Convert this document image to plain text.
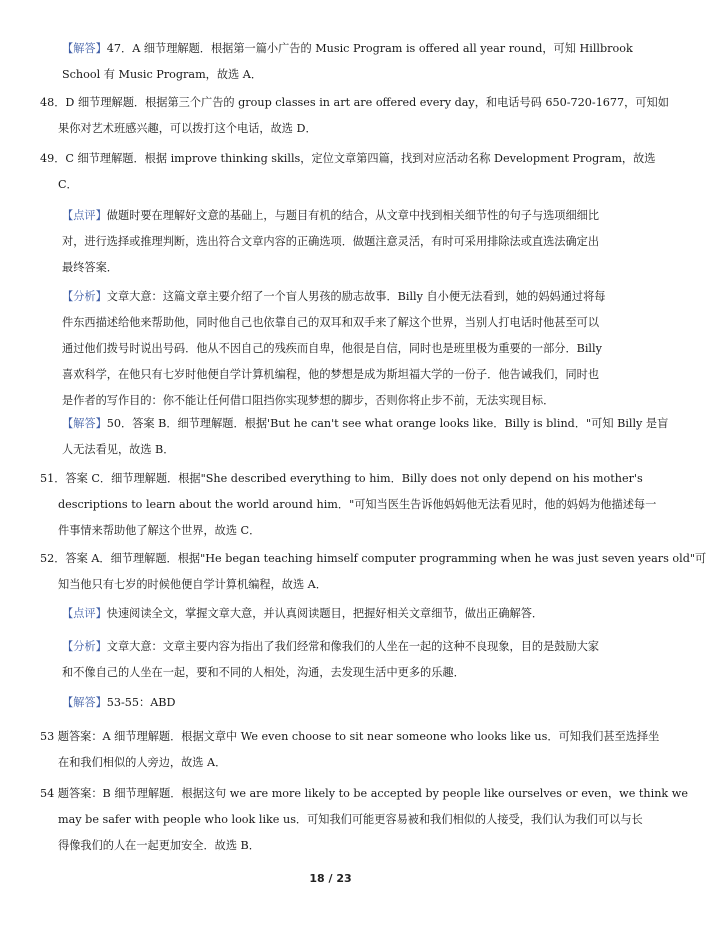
【解答】47．A 细节理解题．根据第一篇小广告的 Music Program is offered all year round，可知 Hillbrook
School 有 Music Program，故选 A．
48．D 细节理解题．根据第三个广告的 group classes in art are offered every day，和电话号码 650-720-1677，可知如
果你对艺术班感兴趣，可以拨打这个电话，故选 D．
49．C 细节理解题．根据 improve thinking skills，定位文章第四篇，找到对应活动名称 Development Program，故选
C．
【点评】做题时要在理解好文意的基础上，与题目有机的结合，从文章中找到相关细节性的句子与选项细细比
对，进行选择或推理判断，选出符合文章内容的正确选项．做题注意灵活，有时可采用排除法或直选法确定出
最终答案．
【分析】文章大意：这篇文章主要介绍了一个盲人男孩的励志故事．Billy 自小便无法看到，她的妈妈通过将每
件东西描述给他来帮助他，同时他自己也依靠自己的双耳和双手来了解这个世界，当别人打电话时他甚至可以
通过他们拨号时说出号码．他从不因自己的残疾而自卑，他很是自信，同时也是班里极为重要的一部分．Billy
喜欢科学，在他只有七岁时他便自学计算机编程，他的梦想是成为斯坦福大学的一份子．他告诫我们，同时也
是作者的写作目的：你不能让任何借口阻挡你实现梦想的脚步，否则你将止步不前，无法实现目标．
【解答】50．答案 B．细节理解题．根据'But he can't see what orange looks like．Billy is blind．"可知 Billy 是盲
人无法看见，故选 B．
51．答案 C．细节理解题．根据"She described everything to him．Billy does not only depend on his mother's
descriptions to learn about the world around him．"可知当医生告诉他妈妈他无法看见时，他的妈妈为他描述每一
件事情来帮助他了解这个世界，故选 C．
52．答案 A．细节理解题．根据"He began teaching himself computer programming when he was just seven years old"可
知当他只有七岁的时候他便自学计算机编程，故选 A．
【点评】快速阅读全文，掌握文章大意，并认真阅读题目，把握好相关文章细节，做出正确解答．
【分析】文章大意：文章主要内容为指出了我们经常和像我们的人坐在一起的这种不良现象，目的是鼓励大家
和不像自己的人坐在一起，要和不同的人相处，沟通，去发现生活中更多的乐趣．
【解答】53-55：ABD
53 题答案：A 细节理解题．根据文章中 We even choose to sit near someone who looks like us．可知我们甚至选择坐
在和我们相似的人旁边，故选 A．
54 题答案：B 细节理解题．根据这句 we are more likely to be accepted by people like ourselves or even，we think we
may be safer with people who look like us．可知我们可能更容易被和我们相似的人接受，我们认为我们可以与长
得像我们的人在一起更加安全．故选 B．
18 / 23
